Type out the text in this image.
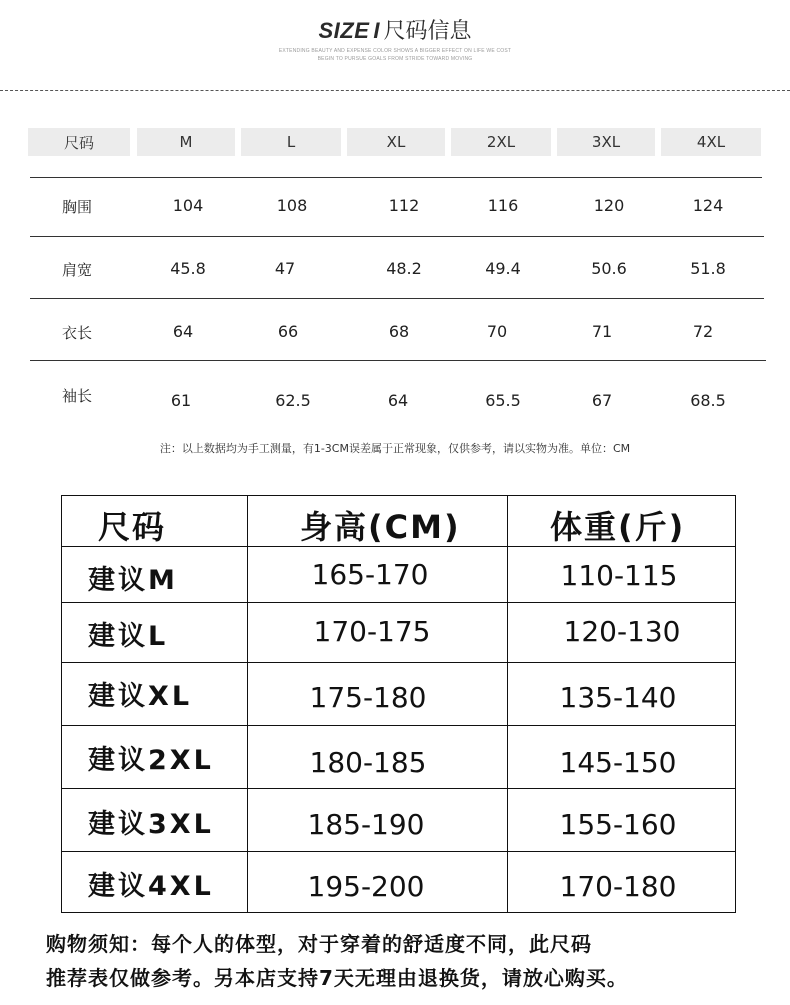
SIZE I 尺码信息
EXTENDING BEAUTY AND EXPENSE COLOR SHOWS A BIGGER EFFECT ON LIFE WE COST
BEGIN TO PURSUE GOALS FROM STRIDE TOWARD MOVING
尺码	M	L	XL	2XL	3XL	4XL
胸围	104	108	112	116	120	124
肩宽	45.8	47	48.2	49.4	50.6	51.8
衣长	64	66	68	70	71	72
袖长	61	62.5	64	65.5	67	68.5
注：以上数据均为手工测量，有1-3CM误差属于正常现象，仅供参考，请以实物为准。单位：CM
尺码	身高(CM)	体重(斤)
建议M	165-170	110-115
建议L	170-175	120-130
建议XL	175-180	135-140
建议2XL	180-185	145-150
建议3XL	185-190	155-160
建议4XL	195-200	170-180
购物须知：每个人的体型，对于穿着的舒适度不同，此尺码
推荐表仅做参考。另本店支持7天无理由退换货，请放心购买。
